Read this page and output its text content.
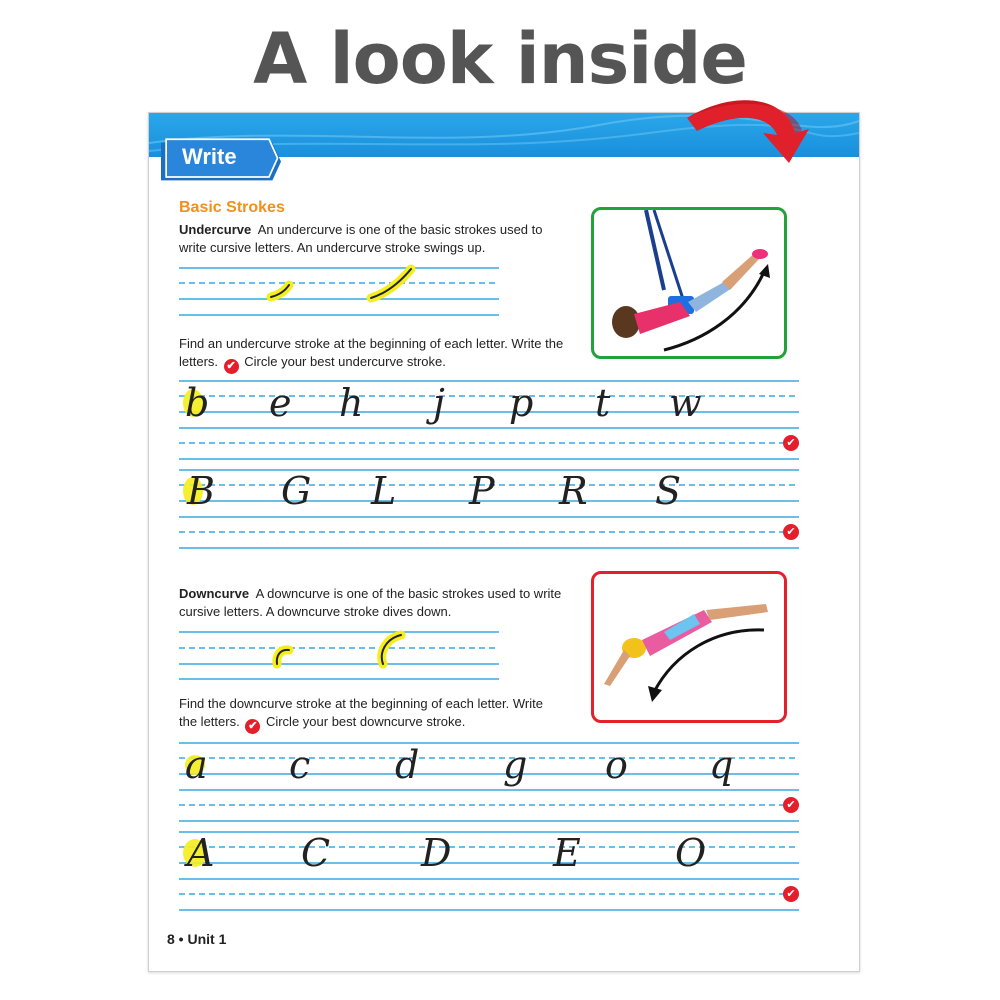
A look inside
Write
Basic Strokes
Undercurve An undercurve is one of the basic strokes used to write cursive letters. An undercurve stroke swings up.
Find an undercurve stroke at the beginning of each letter. Write the letters. ✔ Circle your best undercurve stroke.
Downcurve A downcurve is one of the basic strokes used to write cursive letters. A downcurve stroke dives down.
Find the downcurve stroke at the beginning of each letter. Write the letters. ✔ Circle your best downcurve stroke.
b e h j p t w
B G L P R S
a c d g o q
A C D	E O
✔
✔
✔
✔
8 • Unit 1
